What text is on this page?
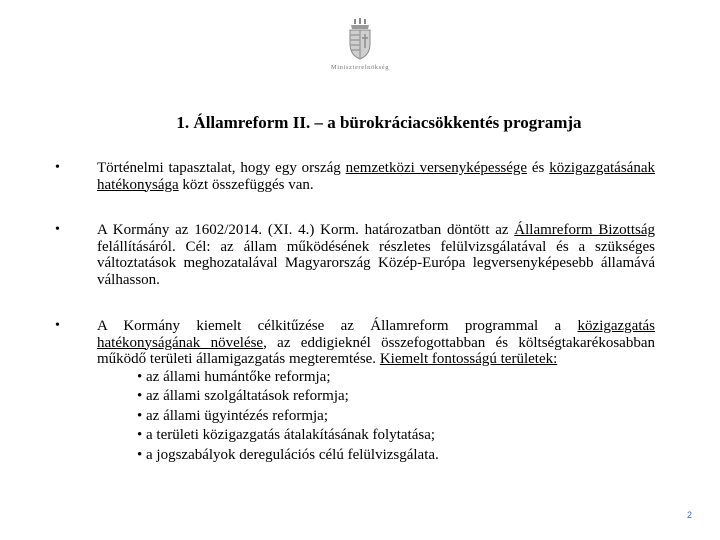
Miniszterelnökség
1. Államreform II. – a bürokráciacsökkentés programja
• Történelmi tapasztalat, hogy egy ország nemzetközi versenyképessége és közigazgatásának hatékonysága közt összefüggés van.

• A Kormány az 1602/2014. (XI. 4.) Korm. határozatban döntött az Államreform Bizottság felállításáról. Cél: az állam működésének részletes felülvizsgálatával és a szükséges változtatások meghozatalával Magyarország Közép-Európa legversenyképesebb államává válhasson.

• A Kormány kiemelt célkitűzése az Államreform programmal a közigazgatás hatékonyságának növelése, az eddigieknél összefogottabban és költségtakarékosabban működő területi államigazgatás megteremtése. Kiemelt fontosságú területek:

• az állami humántőke reformja;
• az állami szolgáltatások reformja;
• az állami ügyintézés reformja;
• a területi közigazgatás átalakításának folytatása;
• a jogszabályok deregulációs célú felülvizsgálata.
2
